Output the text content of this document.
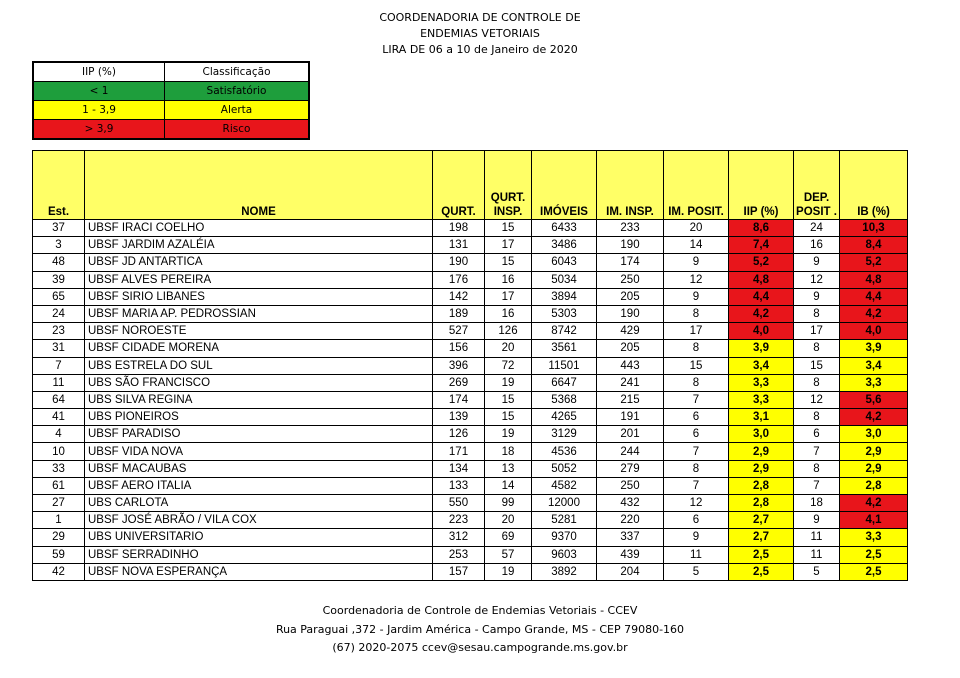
COORDENADORIA DE CONTROLE DE
ENDEMIAS VETORIAIS
LIRA DE 06 a 10 de Janeiro de 2020
IIP (%)	Classificação
< 1	Satisfatório
1 - 3,9	Alerta
> 3,9	Risco
Est.	NOME	QURT.	QURT. INSP.	IMÓVEIS	IM. INSP.	IM. POSIT.	IIP (%)	DEP. POSIT .	IB (%)
37	UBSF IRACI COELHO	198	15	6433	233	20	8,6	24	10,3
3	UBSF JARDIM AZALÉIA	131	17	3486	190	14	7,4	16	8,4
48	UBSF JD ANTARTICA	190	15	6043	174	9	5,2	9	5,2
39	UBSF ALVES PEREIRA	176	16	5034	250	12	4,8	12	4,8
65	UBSF SIRIO LIBANES	142	17	3894	205	9	4,4	9	4,4
24	UBSF MARIA AP. PEDROSSIAN	189	16	5303	190	8	4,2	8	4,2
23	UBSF NOROESTE	527	126	8742	429	17	4,0	17	4,0
31	UBSF CIDADE MORENA	156	20	3561	205	8	3,9	8	3,9
7	UBS ESTRELA DO SUL	396	72	11501	443	15	3,4	15	3,4
11	UBS SÃO FRANCISCO	269	19	6647	241	8	3,3	8	3,3
64	UBS SILVA REGINA	174	15	5368	215	7	3,3	12	5,6
41	UBS PIONEIROS	139	15	4265	191	6	3,1	8	4,2
4	UBSF PARADISO	126	19	3129	201	6	3,0	6	3,0
10	UBSF VIDA NOVA	171	18	4536	244	7	2,9	7	2,9
33	UBSF MACAUBAS	134	13	5052	279	8	2,9	8	2,9
61	UBSF AERO ITALIA	133	14	4582	250	7	2,8	7	2,8
27	UBS CARLOTA	550	99	12000	432	12	2,8	18	4,2
1	UBSF JOSÉ ABRÃO / VILA COX	223	20	5281	220	6	2,7	9	4,1
29	UBS UNIVERSITARIO	312	69	9370	337	9	2,7	11	3,3
59	UBSF SERRADINHO	253	57	9603	439	11	2,5	11	2,5
42	UBSF NOVA ESPERANÇA	157	19	3892	204	5	2,5	5	2,5
Coordenadoria de Controle de Endemias Vetoriais - CCEV
Rua Paraguai ,372 - Jardim América - Campo Grande, MS - CEP 79080-160
(67) 2020-2075 ccev@sesau.campogrande.ms.gov.br
